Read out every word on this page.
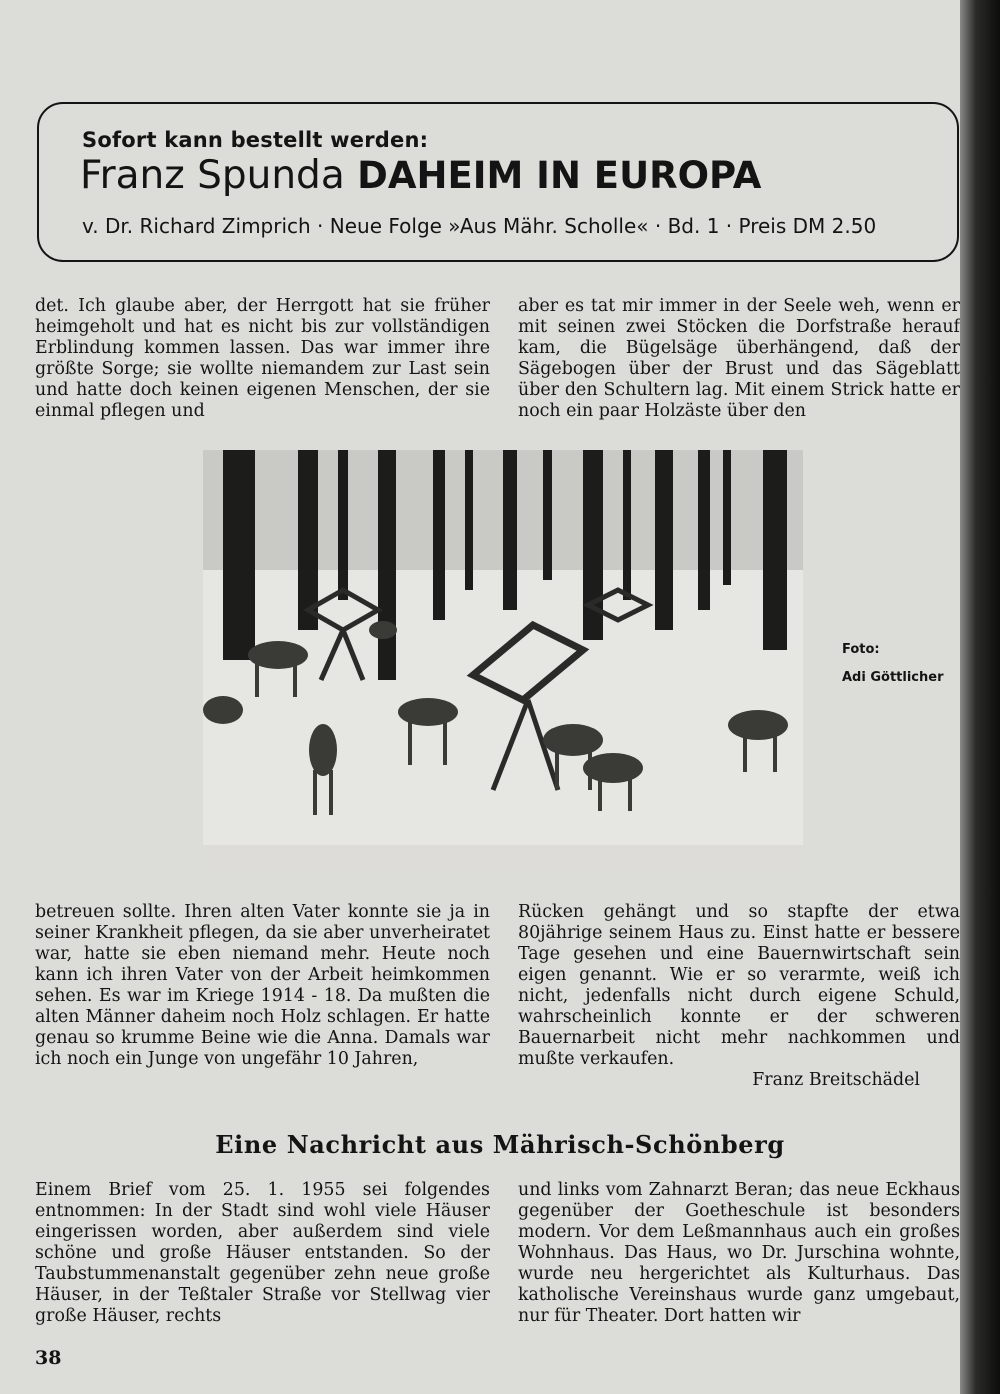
Sofort kann bestellt werden:
Franz Spunda DAHEIM IN EUROPA
v. Dr. Richard Zimprich · Neue Folge »Aus Mähr. Scholle« · Bd. 1 · Preis DM 2.50

det. Ich glaube aber, der Herrgott hat sie früher heimgeholt und hat es nicht bis zur vollständigen Erblindung kommen lassen. Das war immer ihre größte Sorge; sie wollte niemandem zur Last sein und hatte doch keinen eigenen Menschen, der sie einmal pflegen und

aber es tat mir immer in der Seele weh, wenn er mit seinen zwei Stöcken die Dorfstraße herauf kam, die Bügelsäge überhängend, daß der Sägebogen über der Brust und das Sägeblatt über den Schultern lag. Mit einem Strick hatte er noch ein paar Holzäste über den

Foto:
Adi Göttlicher

betreuen sollte. Ihren alten Vater konnte sie ja in seiner Krankheit pflegen, da sie aber unverheiratet war, hatte sie eben niemand mehr. Heute noch kann ich ihren Vater von der Arbeit heimkommen sehen. Es war im Kriege 1914 - 18. Da mußten die alten Männer daheim noch Holz schlagen. Er hatte genau so krumme Beine wie die Anna. Damals war ich noch ein Junge von ungefähr 10 Jahren,

Rücken gehängt und so stapfte der etwa 80jährige seinem Haus zu. Einst hatte er bessere Tage gesehen und eine Bauernwirtschaft sein eigen genannt. Wie er so verarmte, weiß ich nicht, jedenfalls nicht durch eigene Schuld, wahrscheinlich konnte er der schweren Bauernarbeit nicht mehr nachkommen und mußte verkaufen.

Franz Breitschädel
Eine Nachricht aus Mährisch-Schönberg

Einem Brief vom 25. 1. 1955 sei folgendes entnommen: In der Stadt sind wohl viele Häuser eingerissen worden, aber außerdem sind viele schöne und große Häuser entstanden. So der Taubstummenanstalt gegenüber zehn neue große Häuser, in der Teßtaler Straße vor Stellwag vier große Häuser, rechts

und links vom Zahnarzt Beran; das neue Eckhaus gegenüber der Goetheschule ist besonders modern. Vor dem Leßmannhaus auch ein großes Wohnhaus. Das Haus, wo Dr. Jurschina wohnte, wurde neu hergerichtet als Kulturhaus. Das katholische Vereinshaus wurde ganz umgebaut, nur für Theater. Dort hatten wir

38
